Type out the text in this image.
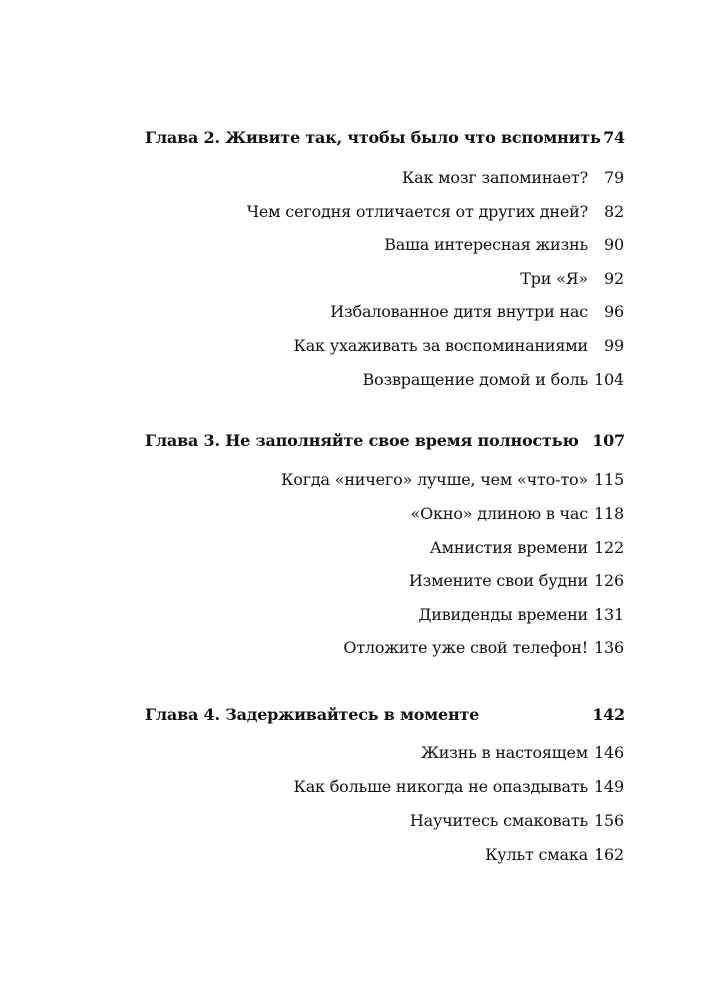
Глава 2. Живите так, чтобы было что вспомнить 74
Как мозг запоминает?	79
Чем сегодня отличается от других дней?	82
Ваша интересная жизнь	90
Три «Я»	92
Избалованное дитя внутри нас	96
Как ухаживать за воспоминаниями	99
Возвращение домой и боль 104
Глава 3. Не заполняйте свое время полностью 107
Когда «ничего» лучше, чем «что-то» 115
«Окно» длиною в час 118
Амнистия времени 122
Измените свои будни 126
Дивиденды времени 131
Отложите уже свой телефон! 136
Глава 4. Задерживайтесь в моменте	142
Жизнь в настоящем 146
Как больше никогда не опаздывать 149
Научитесь смаковать 156
Культ смака 162
